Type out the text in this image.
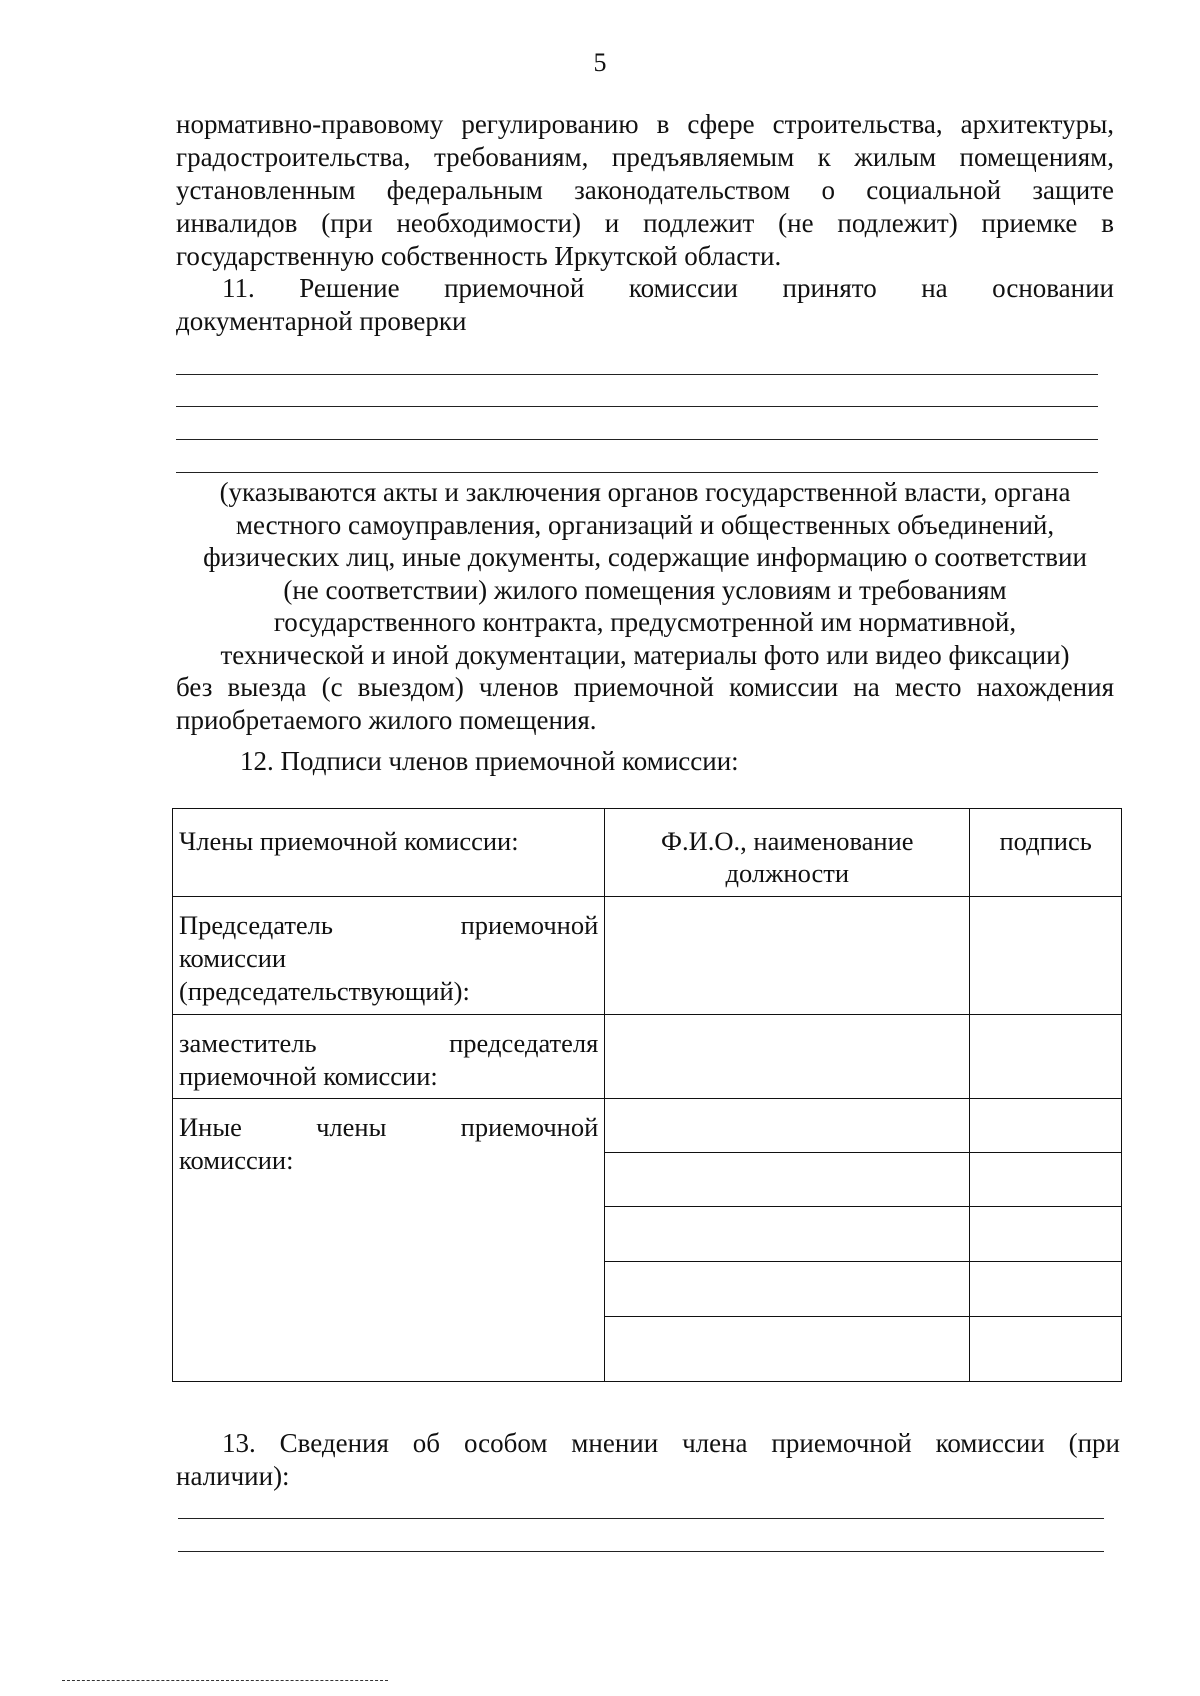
5
нормативно-правовому регулированию в сфере строительства, архитектуры,
градостроительства, требованиям, предъявляемым к жилым помещениям,
установленным федеральным законодательством о социальной защите
инвалидов (при необходимости) и подлежит (не подлежит) приемке в
государственную собственность Иркутской области.
11. Решение приемочной комиссии принято на основании
документарной проверки
(указываются акты и заключения органов государственной власти, органа
местного самоуправления, организаций и общественных объединений,
физических лиц, иные документы, содержащие информацию о соответствии
(не соответствии) жилого помещения условиям и требованиям
государственного контракта, предусмотренной им нормативной,
технической и иной документации, материалы фото или видео фиксации)
без выезда (с выездом) членов приемочной комиссии на место нахождения
приобретаемого жилого помещения.
12. Подписи членов приемочной комиссии:
Члены приемочной комиссии:	Ф.И.О., наименование должности	подпись

Председатель приемочной
комиссии
(председательствующий):		

заместитель председателя
приемочной комиссии:		

Иные члены приемочной
комиссии:		

13. Сведения об особом мнении члена приемочной комиссии (при
наличии):
